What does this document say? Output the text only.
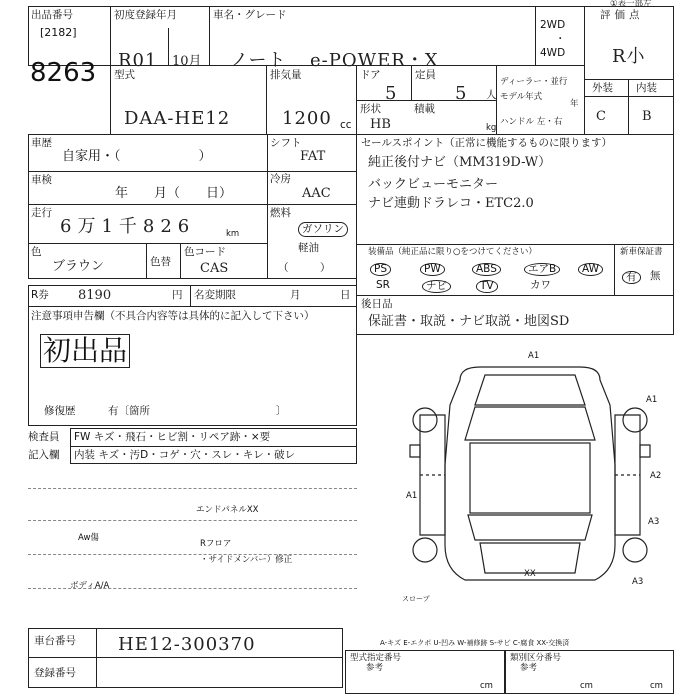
①表一部左
出品番号
[2182]
8263
初度登録年月
R01 10月
車名・グレード
ノート e-POWER・X
2WD
・
4WD
評価点
R小
型式
DAA-HE12
排気量
1200 cc
ドア
5
定員
5 人
ディーラー・並行
モデル年式
年
ハンドル 左・右
形状
HB
積載
kg
外装 内装
C	B
車歴
自家用・（　　　　　　）
シフト
FAT
車検
年　　月（　　日）
冷房
AAC
走行
6万1千826	km
燃料
ガソリン
軽油
（　　　）
色
ブラウン	色替
色コード
CAS
R券 8190	円 名変期限	月	日
注意事項申告欄（不具合内容等は具体的に記入して下さい）
初出品
修復歴	有〔箇所　　　　　　　　　　　　〕
セールスポイント（正常に機能するものに限ります）
純正後付ナビ（MM319D-W）
バックビューモニター
ナビ連動ドラレコ・ETC2.0
装備品（純正品に限り○をつけてください）	新車保証書
PS	PW	ABS	エアB	AW
SR	ナビ	TV	カワ
有	無
後日品
保証書・取説・ナビ取説・地図SD
検査員
記入欄
FW キズ・飛石・ヒビ割・リペア跡・×要
内装 キズ・汚D・コゲ・穴・スレ・キレ・破レ
エンドパネルXX
Rフロア
・サイドメンバー）修正
Aw傷
ボディA/A
A1
A1
A2
A3
A3
A1
XX
スロープ
A-キズ E-エクボ U-凹み W-補修跡 S-サビ C-腐食 XX-交換済
車台番号 HE12-300370
登録番号
型式指定番号
参考
cm
類別区分番号
参考
cm	cm
